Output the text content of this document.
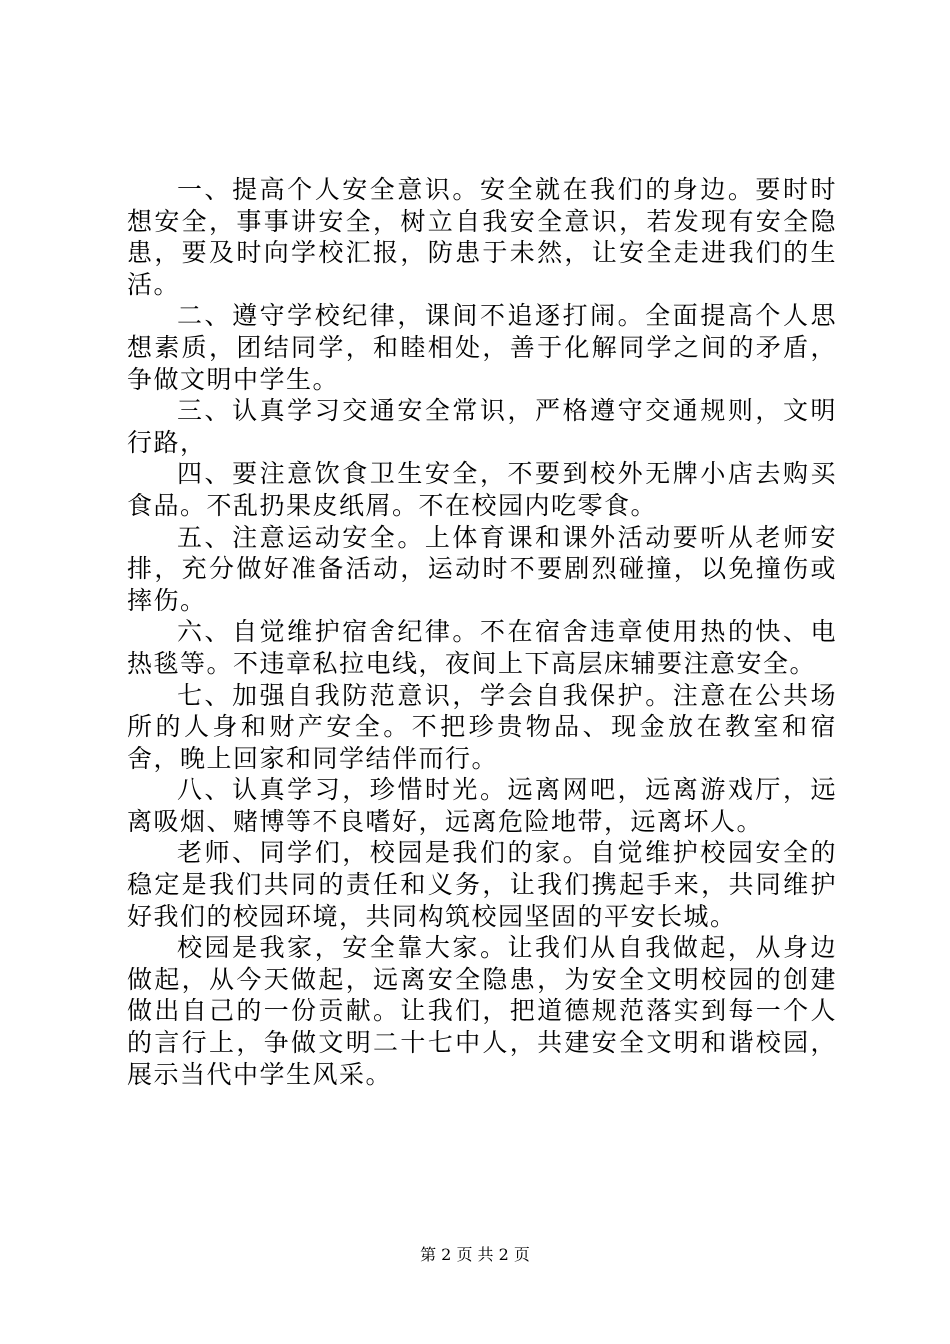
一、提高个人安全意识。安全就在我们的身边。要时时想安全，事事讲安全，树立自我安全意识，若发现有安全隐患，要及时向学校汇报，防患于未然，让安全走进我们的生活。

二、遵守学校纪律，课间不追逐打闹。全面提高个人思想素质，团结同学，和睦相处，善于化解同学之间的矛盾，争做文明中学生。

三、认真学习交通安全常识，严格遵守交通规则，文明行路，

四、要注意饮食卫生安全，不要到校外无牌小店去购买食品。不乱扔果皮纸屑。不在校园内吃零食。

五、注意运动安全。上体育课和课外活动要听从老师安排，充分做好准备活动，运动时不要剧烈碰撞，以免撞伤或摔伤。

六、自觉维护宿舍纪律。不在宿舍违章使用热的快、电热毯等。不违章私拉电线，夜间上下高层床辅要注意安全。

七、加强自我防范意识，学会自我保护。注意在公共场所的人身和财产安全。不把珍贵物品、现金放在教室和宿舍，晚上回家和同学结伴而行。

八、认真学习，珍惜时光。远离网吧，远离游戏厅，远离吸烟、赌博等不良嗜好，远离危险地带，远离坏人。

老师、同学们，校园是我们的家。自觉维护校园安全的稳定是我们共同的责任和义务，让我们携起手来，共同维护好我们的校园环境，共同构筑校园坚固的平安长城。

校园是我家，安全靠大家。让我们从自我做起，从身边做起，从今天做起，远离安全隐患，为安全文明校园的创建做出自己的一份贡献。让我们，把道德规范落实到每一个人的言行上，争做文明二十七中人，共建安全文明和谐校园，展示当代中学生风采。

第 2 页 共 2 页
